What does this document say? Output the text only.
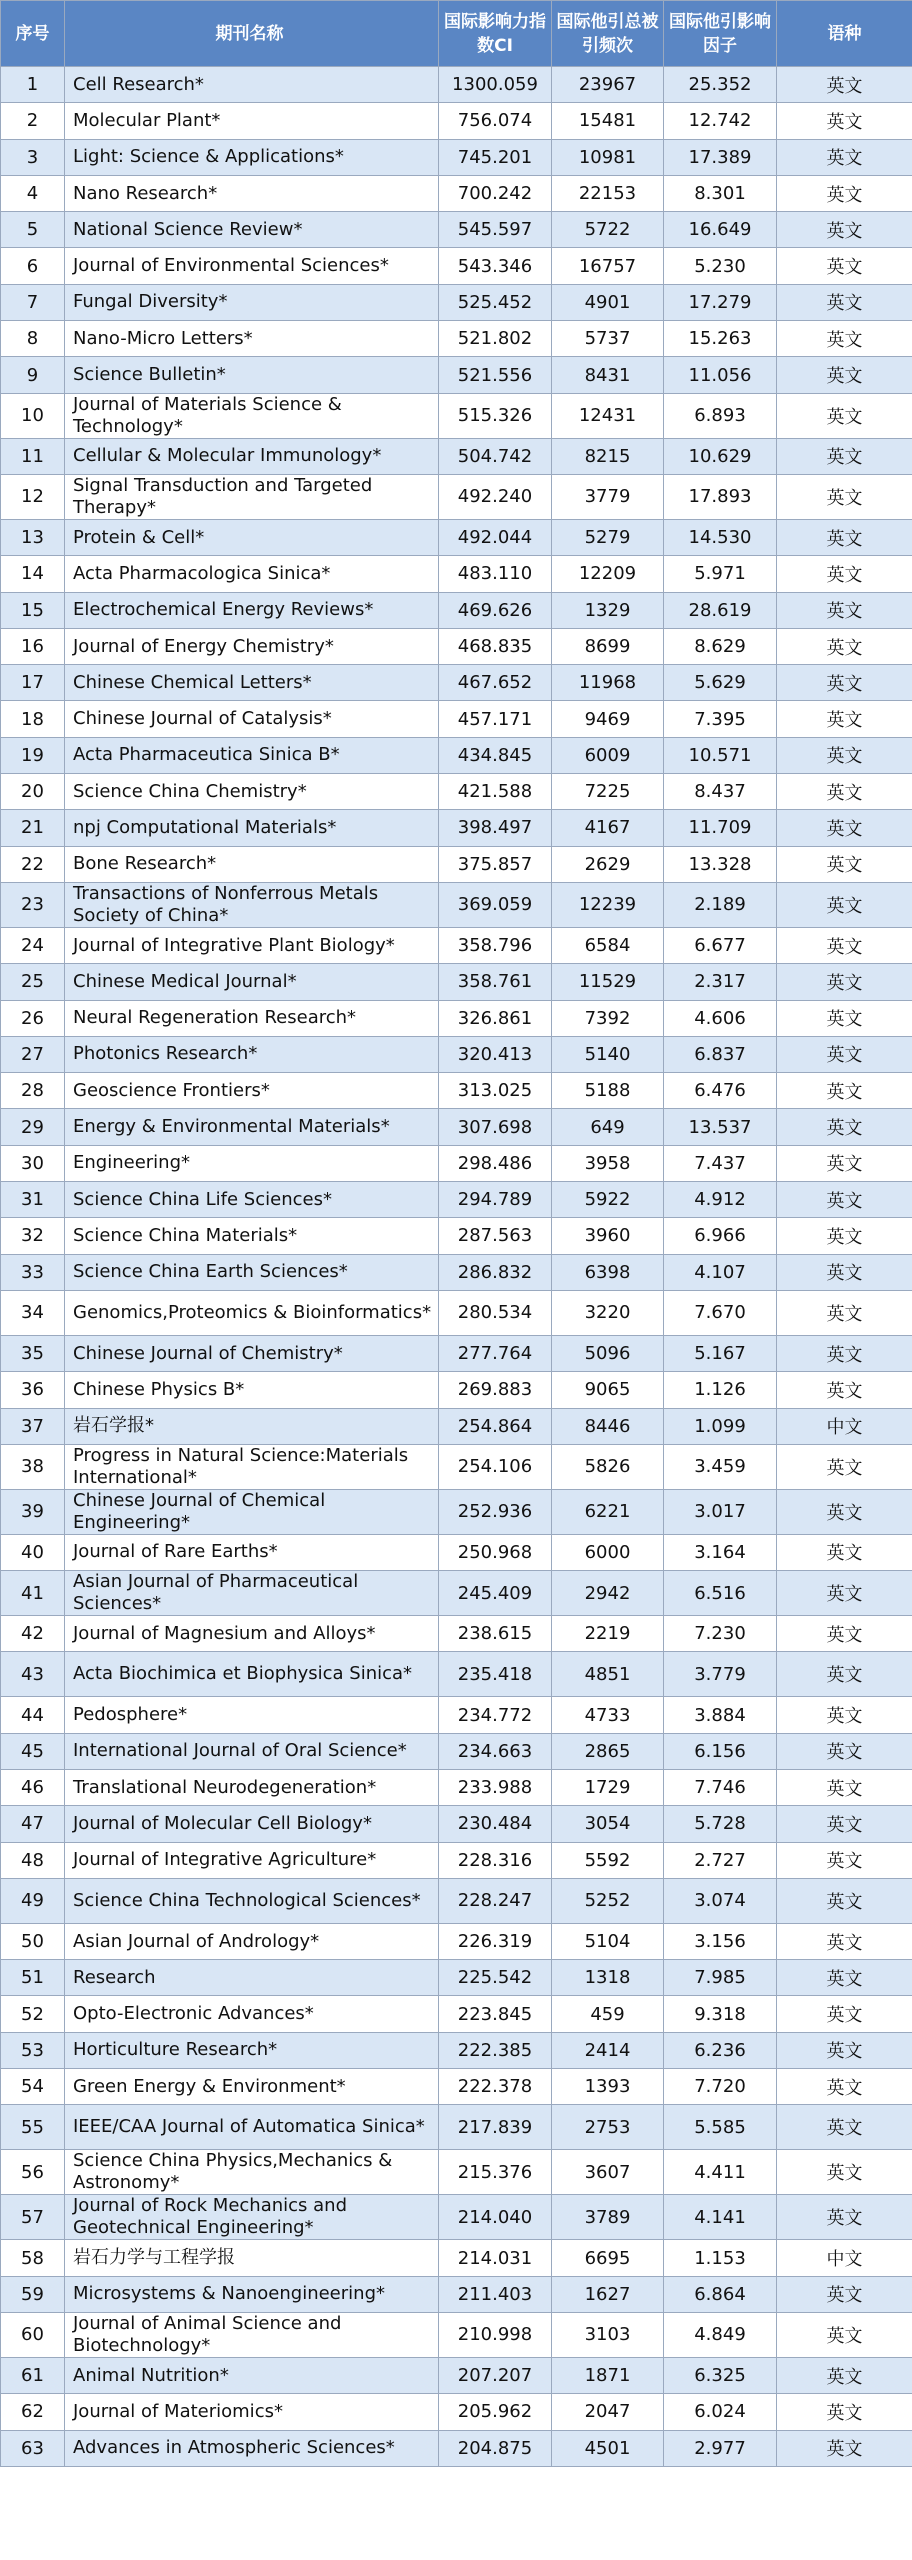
序号	期刊名称	国际影响力指数CI	国际他引总被引频次	国际他引影响因子	语种
1	Cell Research*	1300.059	23967	25.352	英文
2	Molecular Plant*	756.074	15481	12.742	英文
3	Light: Science & Applications*	745.201	10981	17.389	英文
4	Nano Research*	700.242	22153	8.301	英文
5	National Science Review*	545.597	5722	16.649	英文
6	Journal of Environmental Sciences*	543.346	16757	5.230	英文
7	Fungal Diversity*	525.452	4901	17.279	英文
8	Nano-Micro Letters*	521.802	5737	15.263	英文
9	Science Bulletin*	521.556	8431	11.056	英文
10	Journal of Materials Science & Technology*	515.326	12431	6.893	英文
11	Cellular & Molecular Immunology*	504.742	8215	10.629	英文
12	Signal Transduction and Targeted Therapy*	492.240	3779	17.893	英文
13	Protein & Cell*	492.044	5279	14.530	英文
14	Acta Pharmacologica Sinica*	483.110	12209	5.971	英文
15	Electrochemical Energy Reviews*	469.626	1329	28.619	英文
16	Journal of Energy Chemistry*	468.835	8699	8.629	英文
17	Chinese Chemical Letters*	467.652	11968	5.629	英文
18	Chinese Journal of Catalysis*	457.171	9469	7.395	英文
19	Acta Pharmaceutica Sinica B*	434.845	6009	10.571	英文
20	Science China Chemistry*	421.588	7225	8.437	英文
21	npj Computational Materials*	398.497	4167	11.709	英文
22	Bone Research*	375.857	2629	13.328	英文
23	Transactions of Nonferrous Metals Society of China*	369.059	12239	2.189	英文
24	Journal of Integrative Plant Biology*	358.796	6584	6.677	英文
25	Chinese Medical Journal*	358.761	11529	2.317	英文
26	Neural Regeneration Research*	326.861	7392	4.606	英文
27	Photonics Research*	320.413	5140	6.837	英文
28	Geoscience Frontiers*	313.025	5188	6.476	英文
29	Energy & Environmental Materials*	307.698	649	13.537	英文
30	Engineering*	298.486	3958	7.437	英文
31	Science China Life Sciences*	294.789	5922	4.912	英文
32	Science China Materials*	287.563	3960	6.966	英文
33	Science China Earth Sciences*	286.832	6398	4.107	英文
34	Genomics,Proteomics & Bioinformatics*	280.534	3220	7.670	英文
35	Chinese Journal of Chemistry*	277.764	5096	5.167	英文
36	Chinese Physics B*	269.883	9065	1.126	英文
37	岩石学报*	254.864	8446	1.099	中文
38	Progress in Natural Science:Materials International*	254.106	5826	3.459	英文
39	Chinese Journal of Chemical Engineering*	252.936	6221	3.017	英文
40	Journal of Rare Earths*	250.968	6000	3.164	英文
41	Asian Journal of Pharmaceutical Sciences*	245.409	2942	6.516	英文
42	Journal of Magnesium and Alloys*	238.615	2219	7.230	英文
43	Acta Biochimica et Biophysica Sinica*	235.418	4851	3.779	英文
44	Pedosphere*	234.772	4733	3.884	英文
45	International Journal of Oral Science*	234.663	2865	6.156	英文
46	Translational Neurodegeneration*	233.988	1729	7.746	英文
47	Journal of Molecular Cell Biology*	230.484	3054	5.728	英文
48	Journal of Integrative Agriculture*	228.316	5592	2.727	英文
49	Science China Technological Sciences*	228.247	5252	3.074	英文
50	Asian Journal of Andrology*	226.319	5104	3.156	英文
51	Research	225.542	1318	7.985	英文
52	Opto-Electronic Advances*	223.845	459	9.318	英文
53	Horticulture Research*	222.385	2414	6.236	英文
54	Green Energy & Environment*	222.378	1393	7.720	英文
55	IEEE/CAA Journal of Automatica Sinica*	217.839	2753	5.585	英文
56	Science China Physics,Mechanics & Astronomy*	215.376	3607	4.411	英文
57	Journal of Rock Mechanics and Geotechnical Engineering*	214.040	3789	4.141	英文
58	岩石力学与工程学报	214.031	6695	1.153	中文
59	Microsystems & Nanoengineering*	211.403	1627	6.864	英文
60	Journal of Animal Science and Biotechnology*	210.998	3103	4.849	英文
61	Animal Nutrition*	207.207	1871	6.325	英文
62	Journal of Materiomics*	205.962	2047	6.024	英文
63	Advances in Atmospheric Sciences*	204.875	4501	2.977	英文
